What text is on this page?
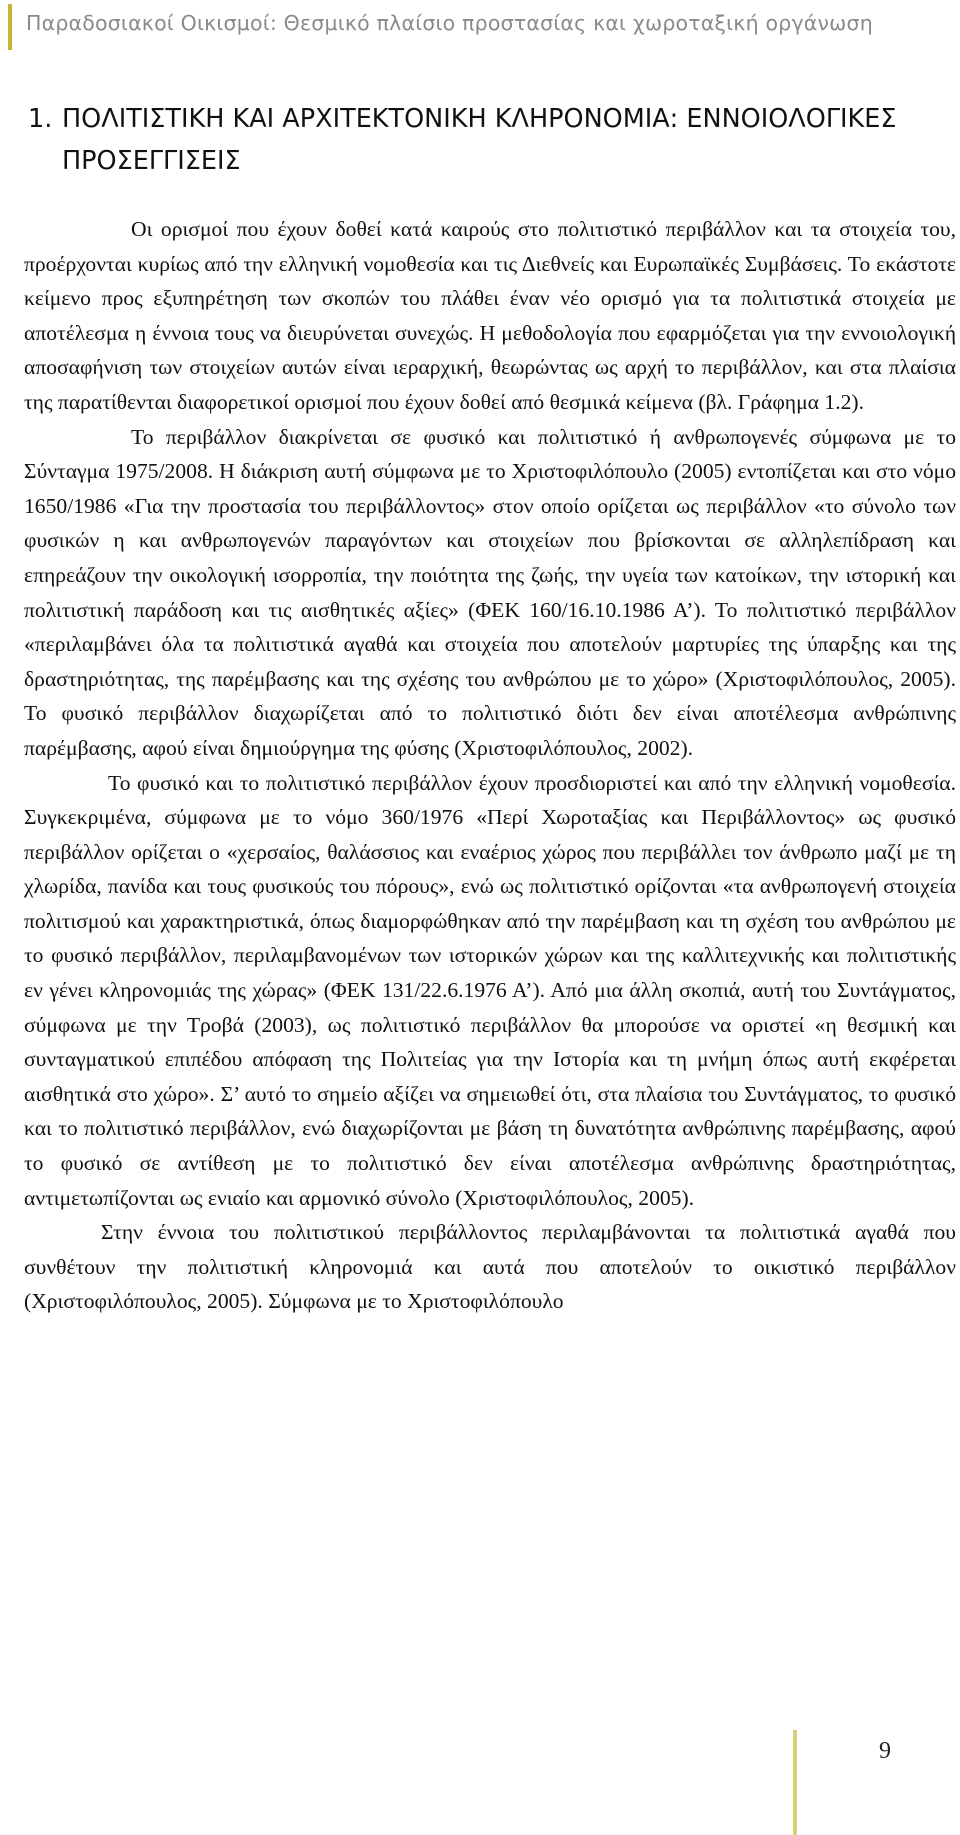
Παραδοσιακοί Οικισμοί: Θεσμικό πλαίσιο προστασίας και χωροταξική οργάνωση
1. ΠΟΛΙΤΙΣΤΙΚΗ ΚΑΙ ΑΡΧΙΤΕΚΤΟΝΙΚΗ ΚΛΗΡΟΝΟΜΙΑ: ΕΝΝΟΙΟΛΟΓΙΚΕΣ
ΠΡΟΣΕΓΓΙΣΕΙΣ

Οι ορισμοί που έχουν δοθεί κατά καιρούς στο πολιτιστικό περιβάλλον και τα στοιχεία του, προέρχονται κυρίως από την ελληνική νομοθεσία και τις Διεθνείς και Ευρωπαϊκές Συμβάσεις. Το εκάστοτε κείμενο προς εξυπηρέτηση των σκοπών του πλάθει έναν νέο ορισμό για τα πολιτιστικά στοιχεία με αποτέλεσμα η έννοια τους να διευρύνεται συνεχώς. Η μεθοδολογία που εφαρμόζεται για την εννοιολογική αποσαφήνιση των στοιχείων αυτών είναι ιεραρχική, θεωρώντας ως αρχή το περιβάλλον, και στα πλαίσια της παρατίθενται διαφορετικοί ορισμοί που έχουν δοθεί από θεσμικά κείμενα (βλ. Γράφημα 1.2).

Το περιβάλλον διακρίνεται σε φυσικό και πολιτιστικό ή ανθρωπογενές σύμφωνα με το Σύνταγμα 1975/2008. Η διάκριση αυτή σύμφωνα με το Χριστοφιλόπουλο (2005) εντοπίζεται και στο νόμο 1650/1986 «Για την προστασία του περιβάλλοντος» στον οποίο ορίζεται ως περιβάλλον «το σύνολο των φυσικών η και ανθρωπογενών παραγόντων και στοιχείων που βρίσκονται σε αλληλεπίδραση και επηρεάζουν την οικολογική ισορροπία, την ποιότητα της ζωής, την υγεία των κατοίκων, την ιστορική και πολιτιστική παράδοση και τις αισθητικές αξίες» (ΦΕΚ 160/16.10.1986 Α’). Το πολιτιστικό περιβάλλον «περιλαμβάνει όλα τα πολιτιστικά αγαθά και στοιχεία που αποτελούν μαρτυρίες της ύπαρξης και της δραστηριότητας, της παρέμβασης και της σχέσης του ανθρώπου με το χώρο» (Χριστοφιλόπουλος, 2005). Το φυσικό περιβάλλον διαχωρίζεται από το πολιτιστικό διότι δεν είναι αποτέλεσμα ανθρώπινης παρέμβασης, αφού είναι δημιούργημα της φύσης (Χριστοφιλόπουλος, 2002).

Το φυσικό και το πολιτιστικό περιβάλλον έχουν προσδιοριστεί και από την ελληνική νομοθεσία. Συγκεκριμένα, σύμφωνα με το νόμο 360/1976 «Περί Χωροταξίας και Περιβάλλοντος» ως φυσικό περιβάλλον ορίζεται ο «χερσαίος, θαλάσσιος και εναέριος χώρος που περιβάλλει τον άνθρωπο μαζί με τη χλωρίδα, πανίδα και τους φυσικούς του πόρους», ενώ ως πολιτιστικό ορίζονται «τα ανθρωπογενή στοιχεία πολιτισμού και χαρακτηριστικά, όπως διαμορφώθηκαν από την παρέμβαση και τη σχέση του ανθρώπου με το φυσικό περιβάλλον, περιλαμβανομένων των ιστορικών χώρων και της καλλιτεχνικής και πολιτιστικής εν γένει κληρονομιάς της χώρας» (ΦΕΚ 131/22.6.1976 Α’). Από μια άλλη σκοπιά, αυτή του Συντάγματος, σύμφωνα με την Τροβά (2003), ως πολιτιστικό περιβάλλον θα μπορούσε να οριστεί «η θεσμική και συνταγματικού επιπέδου απόφαση της Πολιτείας για την Ιστορία και τη μνήμη όπως αυτή εκφέρεται αισθητικά στο χώρο». Σ’ αυτό το σημείο αξίζει να σημειωθεί ότι, στα πλαίσια του Συντάγματος, το φυσικό και το πολιτιστικό περιβάλλον, ενώ διαχωρίζονται με βάση τη δυνατότητα ανθρώπινης παρέμβασης, αφού το φυσικό σε αντίθεση με το πολιτιστικό δεν είναι αποτέλεσμα ανθρώπινης δραστηριότητας, αντιμετωπίζονται ως ενιαίο και αρμονικό σύνολο (Χριστοφιλόπουλος, 2005).

Στην έννοια του πολιτιστικού περιβάλλοντος περιλαμβάνονται τα πολιτιστικά αγαθά που συνθέτουν την πολιτιστική κληρονομιά και αυτά που αποτελούν το οικιστικό περιβάλλον (Χριστοφιλόπουλος, 2005). Σύμφωνα με το Χριστοφιλόπουλο

9
